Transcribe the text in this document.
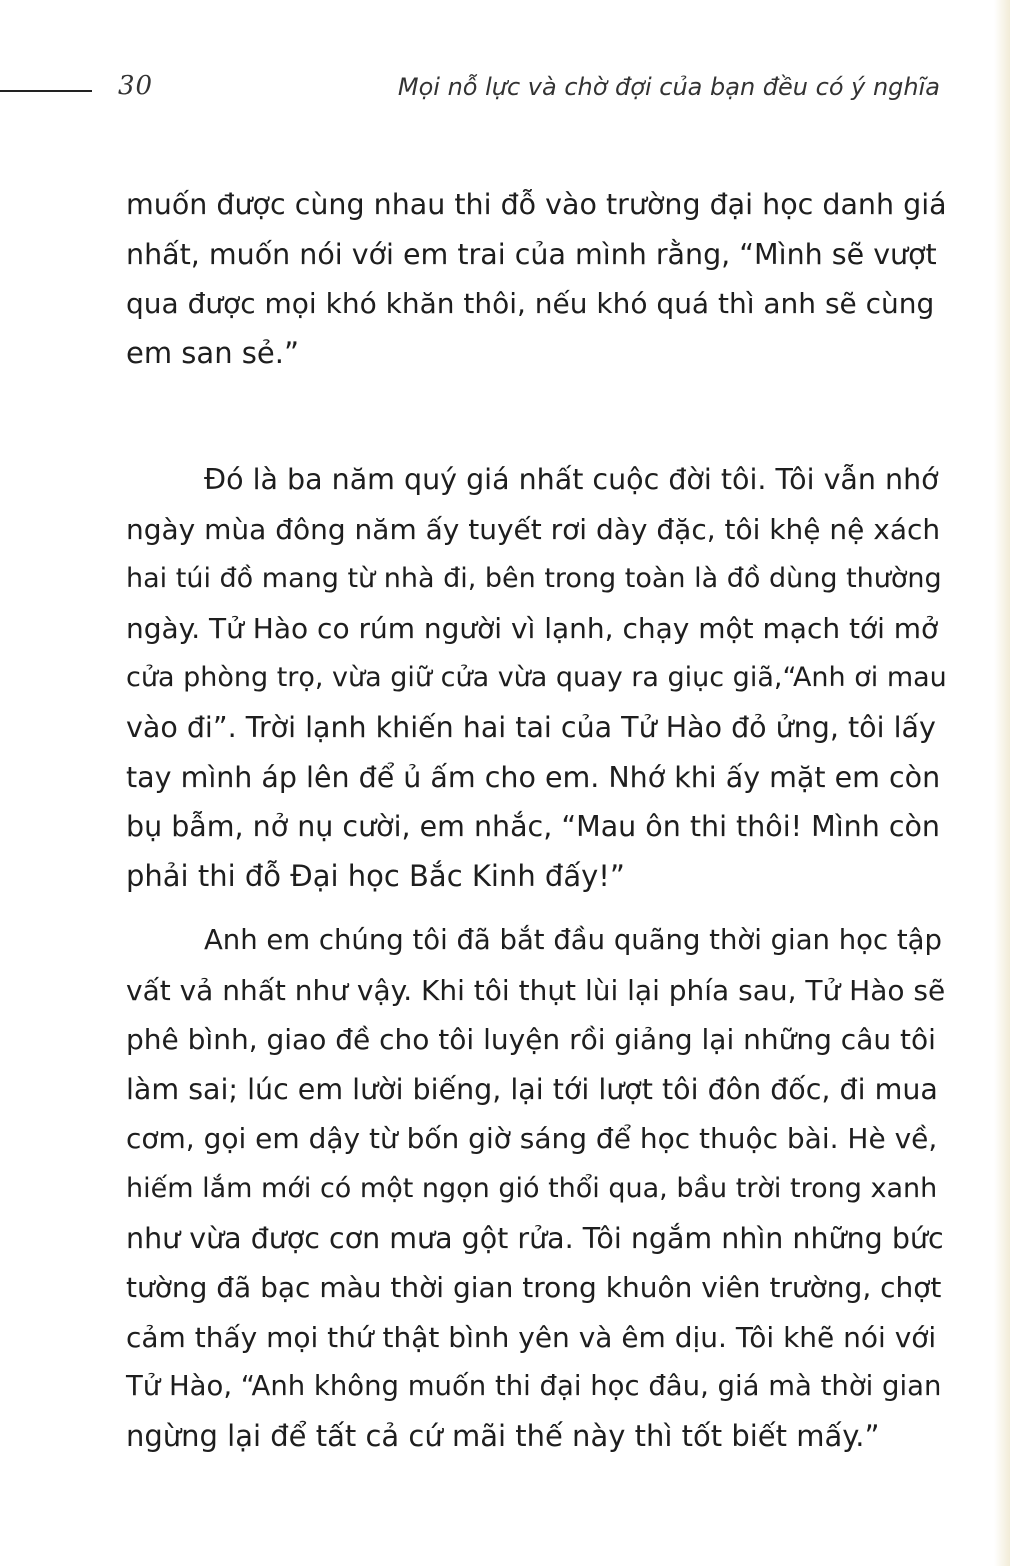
30	Mọi nỗ lực và chờ đợi của bạn đều có ý nghĩa
muốn được cùng nhau thi đỗ vào trường đại học danh giá
nhất, muốn nói với em trai của mình rằng, “Mình sẽ vượt
qua được mọi khó khăn thôi, nếu khó quá thì anh sẽ cùng
em san sẻ.”
Đó là ba năm quý giá nhất cuộc đời tôi. Tôi vẫn nhớ
ngày mùa đông năm ấy tuyết rơi dày đặc, tôi khệ nệ xách
hai túi đồ mang từ nhà đi, bên trong toàn là đồ dùng thường
ngày. Tử Hào co rúm người vì lạnh, chạy một mạch tới mở
cửa phòng trọ, vừa giữ cửa vừa quay ra giục giã,“Anh ơi mau
vào đi”. Trời lạnh khiến hai tai của Tử Hào đỏ ửng, tôi lấy
tay mình áp lên để ủ ấm cho em. Nhớ khi ấy mặt em còn
bụ bẫm, nở nụ cười, em nhắc, “Mau ôn thi thôi! Mình còn
phải thi đỗ Đại học Bắc Kinh đấy!”
Anh em chúng tôi đã bắt đầu quãng thời gian học tập
vất vả nhất như vậy. Khi tôi thụt lùi lại phía sau, Tử Hào sẽ
phê bình, giao đề cho tôi luyện rồi giảng lại những câu tôi
làm sai; lúc em lười biếng, lại tới lượt tôi đôn đốc, đi mua
cơm, gọi em dậy từ bốn giờ sáng để học thuộc bài. Hè về,
hiếm lắm mới có một ngọn gió thổi qua, bầu trời trong xanh
như vừa được cơn mưa gột rửa. Tôi ngắm nhìn những bức
tường đã bạc màu thời gian trong khuôn viên trường, chợt
cảm thấy mọi thứ thật bình yên và êm dịu. Tôi khẽ nói với
Tử Hào, “Anh không muốn thi đại học đâu, giá mà thời gian
ngừng lại để tất cả cứ mãi thế này thì tốt biết mấy.”
